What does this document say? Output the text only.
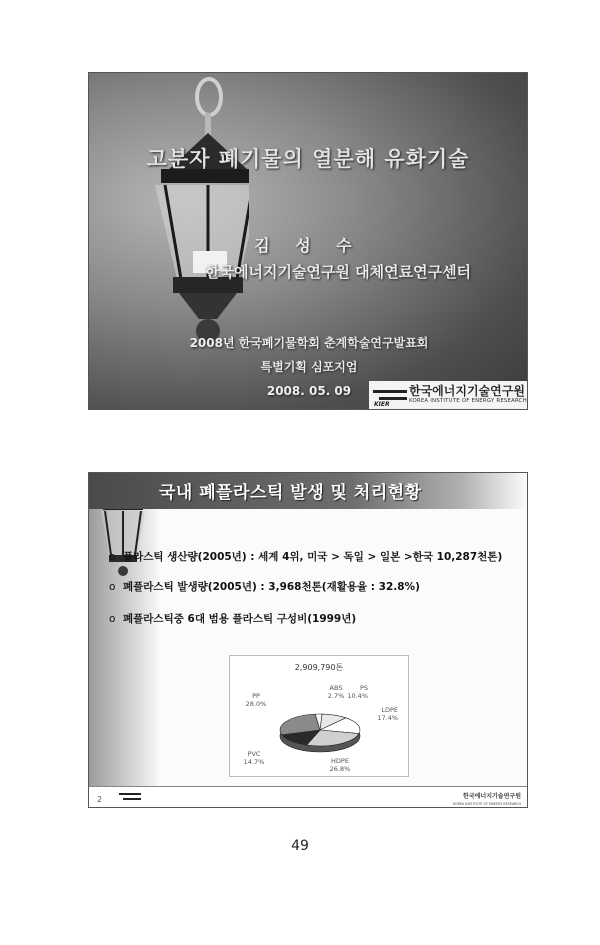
고분자 폐기물의 열분해 유화기술
김 성 수
한국에너지기술연구원 대체연료연구센터
2008년 한국폐기물학회 춘계학술연구발표회
특별기획 심포지엄
2008. 05. 09
KIER
한국에너지기술연구원
KOREA INSTITUTE OF ENERGY RESEARCH
국내 폐플라스틱 발생 및 처리현황
o 플라스틱 생산량(2005년) : 세계 4위, 미국 > 독일 > 일본 >한국 10,287천톤)
o 폐플라스틱 발생량(2005년) : 3,968천톤(재활용율 : 32.8%)
o 폐플라스틱중 6대 범용 플라스틱 구성비(1999년)
2,909,790톤
PS
10.4%
LDPE
17.4%
HDPE
26.8%
PVC
14.7%
PP
28.0%
ABS
2.7%
2	한국에너지기술연구원
KOREA INSTITUTE OF ENERGY RESEARCH
49
